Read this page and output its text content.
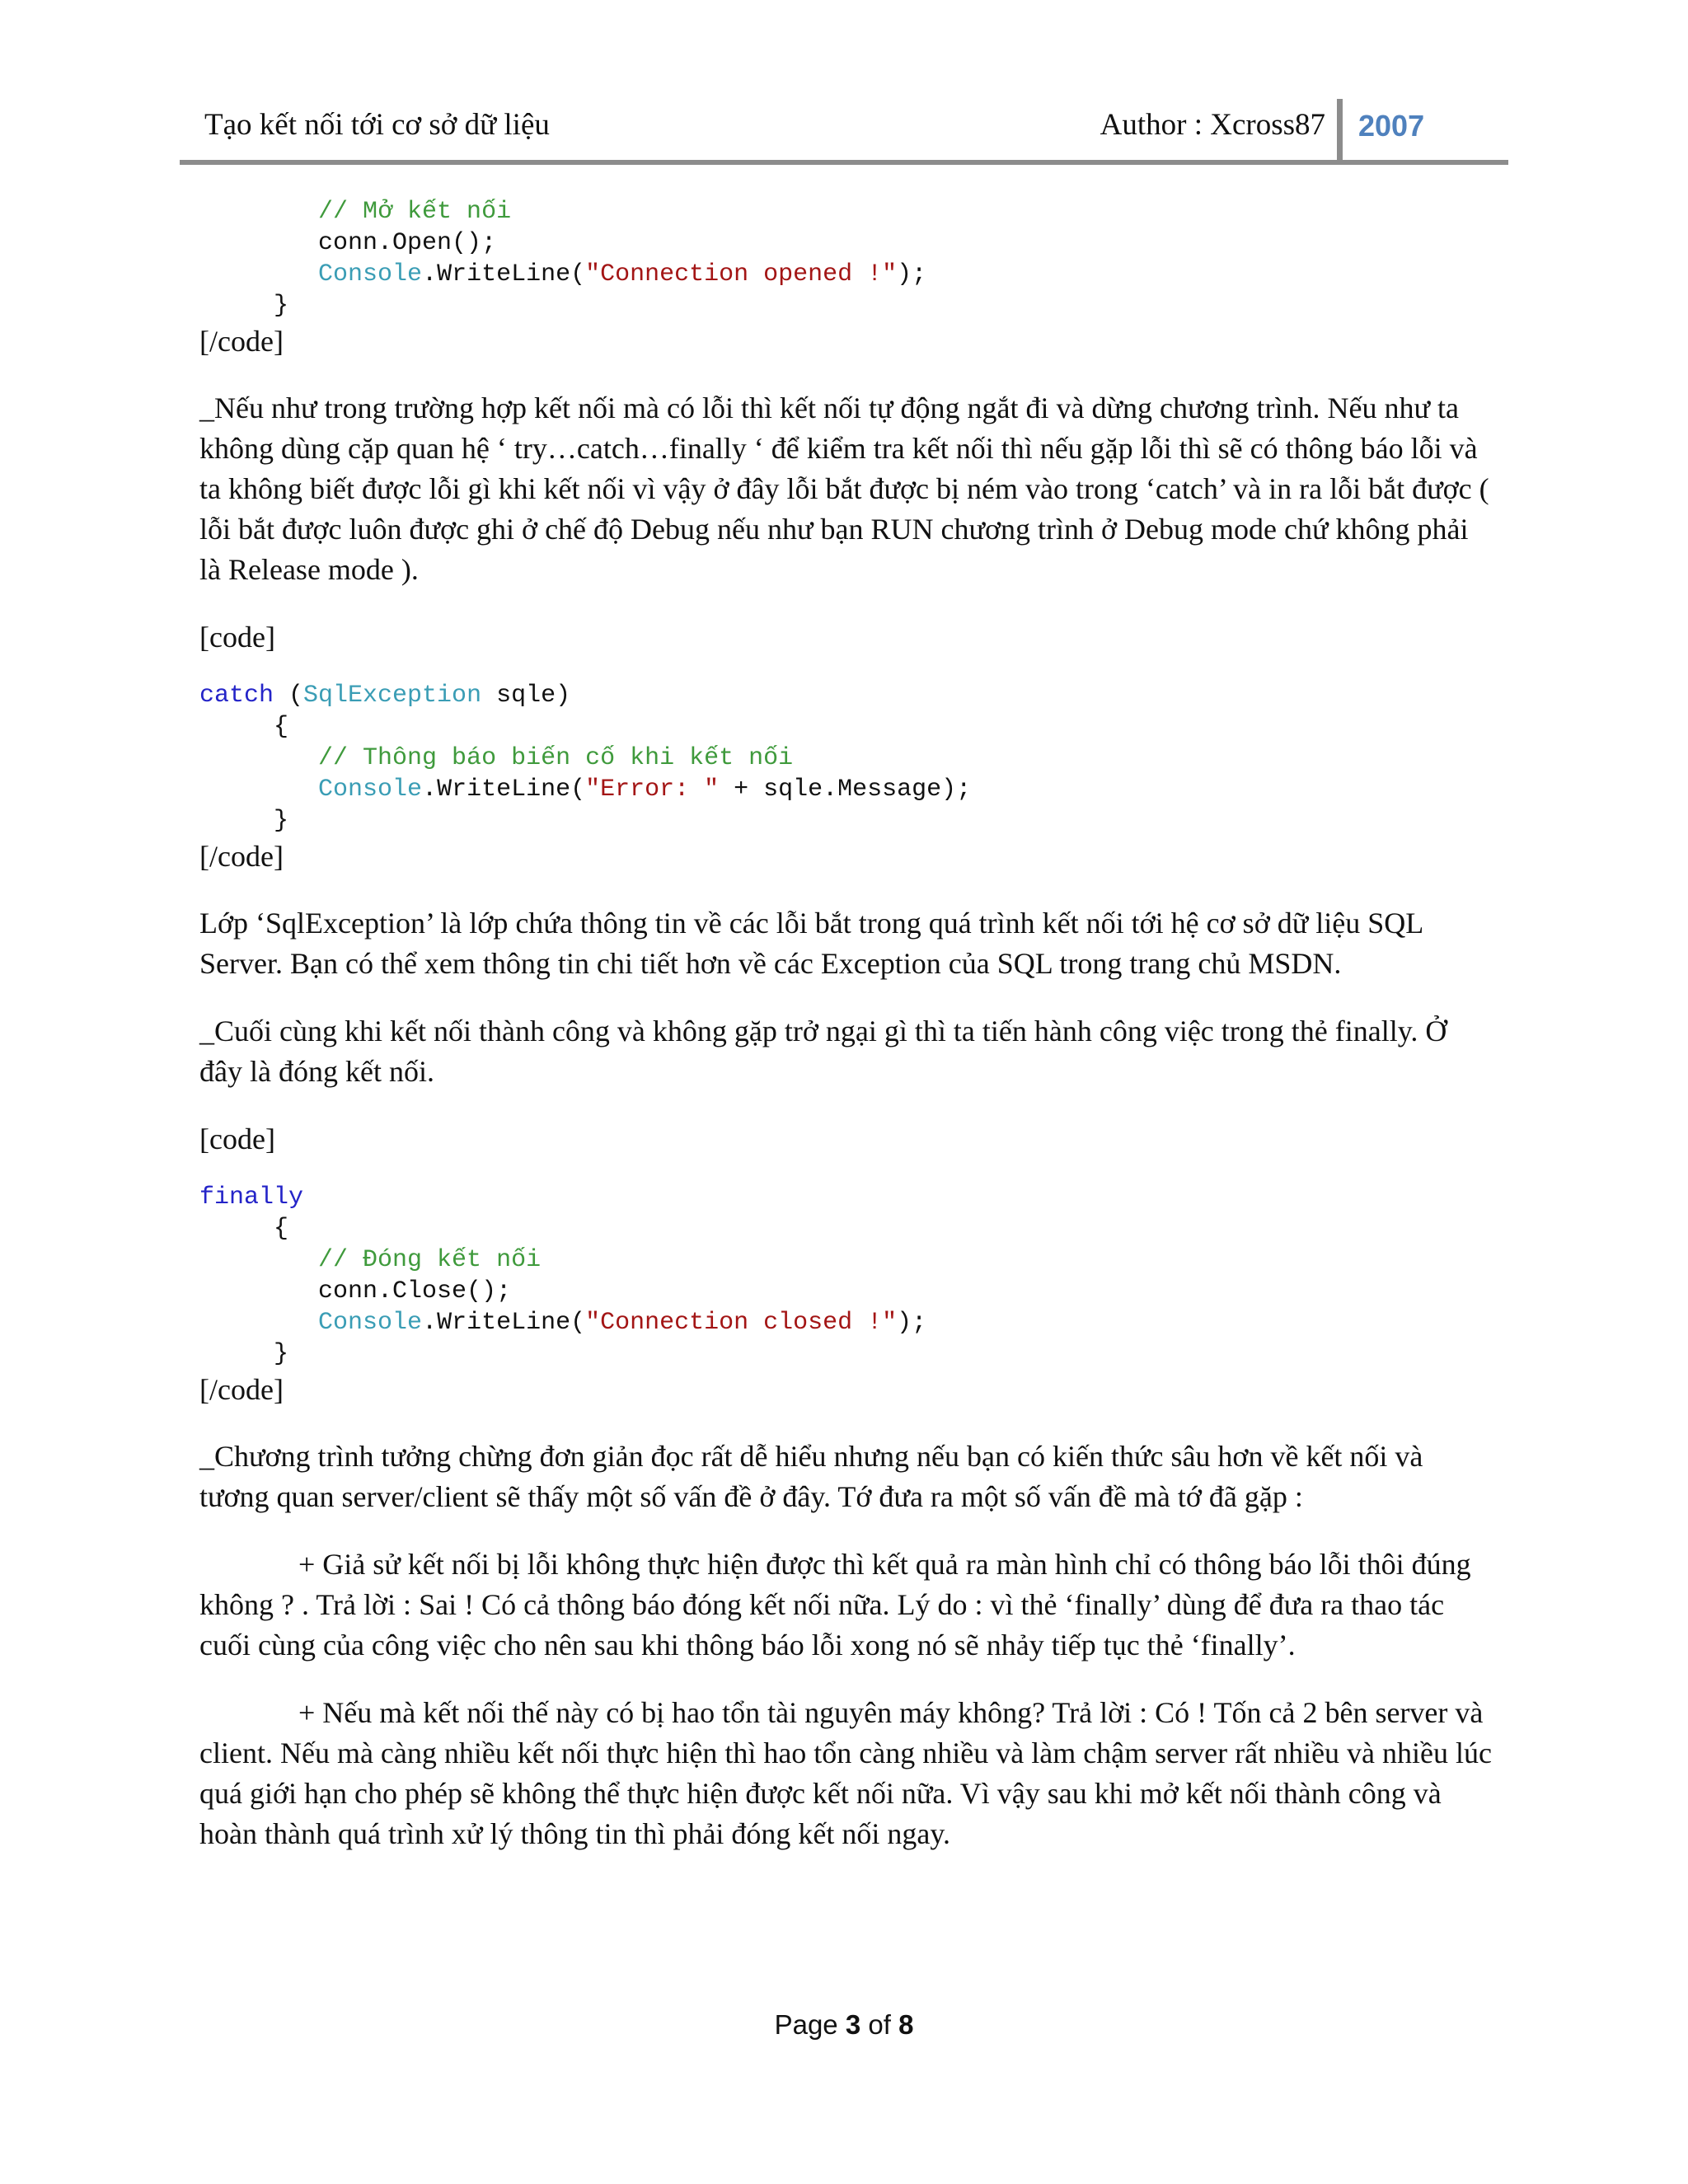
Tạo kết nối tới cơ sở dữ liệu	Author : Xcross87 2007
// Mở kết nối
conn.Open();
Console.WriteLine("Connection opened !");
}

[/code]

_Nếu như trong trường hợp kết nối mà có lỗi thì kết nối tự động ngắt đi và dừng chương trình. Nếu như ta không dùng cặp quan hệ ‘ try…catch…finally ‘ để kiểm tra kết nối thì nếu gặp lỗi thì sẽ có thông báo lỗi và ta không biết được lỗi gì khi kết nối vì vậy ở đây lỗi bắt được bị ném vào trong ‘catch’ và in ra lỗi bắt được ( lỗi bắt được luôn được ghi ở chế độ Debug nếu như bạn RUN chương trình ở Debug mode chứ không phải là Release mode ).

[code]

catch (SqlException sqle)
{
// Thông báo biến cố khi kết nối
Console.WriteLine("Error: " + sqle.Message);
}

[/code]

Lớp ‘SqlException’ là lớp chứa thông tin về các lỗi bắt trong quá trình kết nối tới hệ cơ sở dữ liệu SQL Server. Bạn có thể xem thông tin chi tiết hơn về các Exception của SQL trong trang chủ MSDN.

_Cuối cùng khi kết nối thành công và không gặp trở ngại gì thì ta tiến hành công việc trong thẻ finally. Ở đây là đóng kết nối.

[code]

finally
{
// Đóng kết nối
conn.Close();
Console.WriteLine("Connection closed !");
}

[/code]

_Chương trình tưởng chừng đơn giản đọc rất dễ hiểu nhưng nếu bạn có kiến thức sâu hơn về kết nối và tương quan server/client sẽ thấy một số vấn đề ở đây. Tớ đưa ra một số vấn đề mà tớ đã gặp :

+ Giả sử kết nối bị lỗi không thực hiện được thì kết quả ra màn hình chỉ có thông báo lỗi thôi đúng không ? . Trả lời : Sai ! Có cả thông báo đóng kết nối nữa. Lý do : vì thẻ ‘finally’ dùng để đưa ra thao tác cuối cùng của công việc cho nên sau khi thông báo lỗi xong nó sẽ nhảy tiếp tục thẻ ‘finally’.

+ Nếu mà kết nối thế này có bị hao tổn tài nguyên máy không? Trả lời : Có ! Tốn cả 2 bên server và client. Nếu mà càng nhiều kết nối thực hiện thì hao tổn càng nhiều và làm chậm server rất nhiều và nhiều lúc quá giới hạn cho phép sẽ không thể thực hiện được kết nối nữa. Vì vậy sau khi mở kết nối thành công và hoàn thành quá trình xử lý thông tin thì phải đóng kết nối ngay.

Page 3 of 8
